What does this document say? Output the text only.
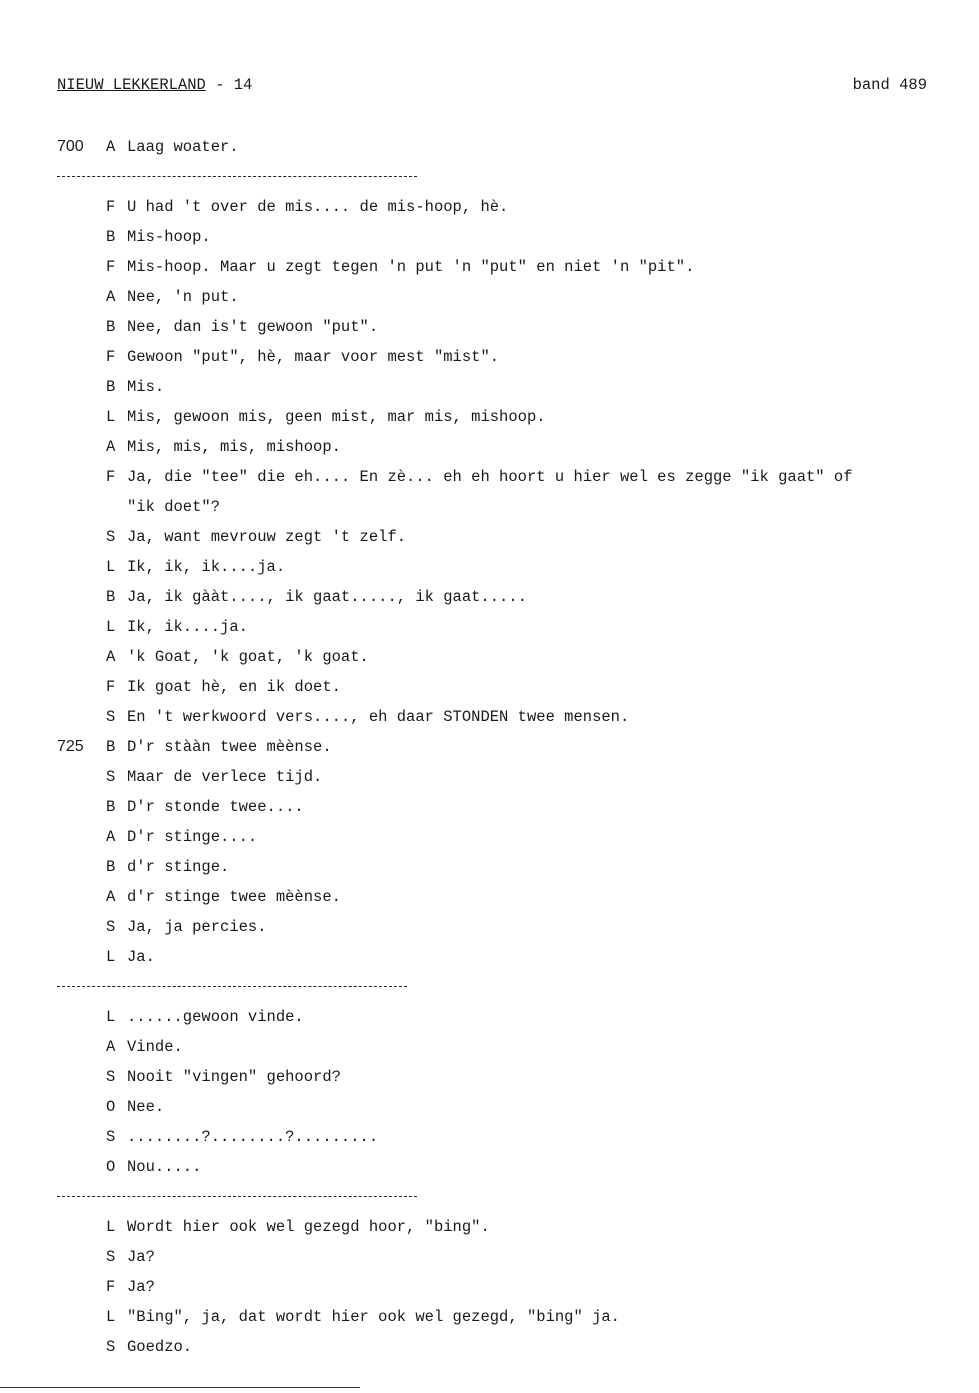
NIEUW LEKKERLAND - 14	band 489
700 A Laag woater.
F U had 't over de mis.... de mis-hoop, hè.
B Mis-hoop.
F Mis-hoop. Maar u zegt tegen 'n put 'n "put" en niet 'n "pit".
A Nee, 'n put.
B Nee, dan is't gewoon "put".
F Gewoon "put", hè, maar voor mest "mist".
B Mis.
L Mis, gewoon mis, geen mist, mar mis, mishoop.
A Mis, mis, mis, mishoop.
F Ja, die "tee" die eh.... En zè... eh eh hoort u hier wel es zegge "ik gaat" of
"ik doet"?
S Ja, want mevrouw zegt 't zelf.
L Ik, ik, ik....ja.
B Ja, ik gààt...., ik gaat....., ik gaat.....
L Ik, ik....ja.
A 'k Goat, 'k goat, 'k goat.
F Ik goat hè, en ik doet.
S En 't werkwoord vers...., eh daar STONDEN twee mensen.
725 B D'r stààn twee mèènse.
S Maar de verlece tijd.
B D'r stonde twee....
A D'r stinge....
B d'r stinge.
A d'r stinge twee mèènse.
S Ja, ja percies.
L Ja.
L ......gewoon vinde.
A Vinde.
S Nooit "vingen" gehoord?
O Nee.
S ........?........?.........
O Nou.....
L Wordt hier ook wel gezegd hoor, "bing".
S Ja?
F Ja?
L "Bing", ja, dat wordt hier ook wel gezegd, "bing" ja.
S Goedzo.
